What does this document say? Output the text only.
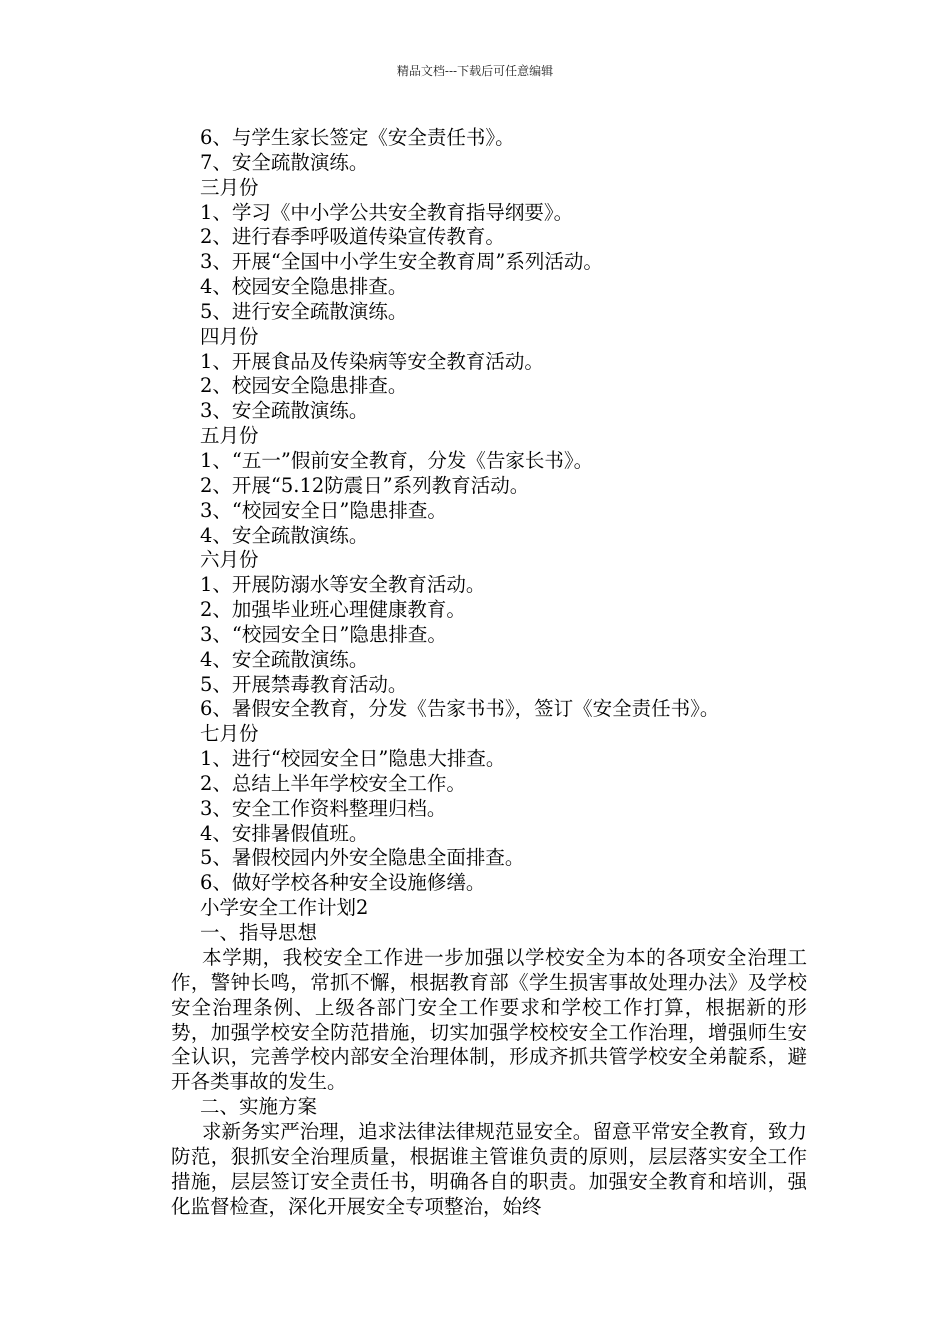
精品文档---下载后可任意编辑
6、与学生家长签定《安全责任书》。
7、安全疏散演练。
三月份
1、学习《中小学公共安全教育指导纲要》。
2、进行春季呼吸道传染宣传教育。
3、开展“全国中小学生安全教育周”系列活动。
4、校园安全隐患排查。
5、进行安全疏散演练。
四月份
1、开展食品及传染病等安全教育活动。
2、校园安全隐患排查。
3、安全疏散演练。
五月份
1、“五一”假前安全教育，分发《告家长书》。
2、开展“5.12防震日”系列教育活动。
3、“校园安全日”隐患排查。
4、安全疏散演练。
六月份
1、开展防溺水等安全教育活动。
2、加强毕业班心理健康教育。
3、“校园安全日”隐患排查。
4、安全疏散演练。
5、开展禁毒教育活动。
6、暑假安全教育，分发《告家书书》，签订《安全责任书》。
七月份
1、进行“校园安全日”隐患大排查。
2、总结上半年学校安全工作。
3、安全工作资料整理归档。
4、安排暑假值班。
5、暑假校园内外安全隐患全面排查。
6、做好学校各种安全设施修缮。
小学安全工作计划2
一、指导思想
本学期，我校安全工作进一步加强以学校安全为本的各项安全治理工作，警钟长鸣，常抓不懈，根据教育部《学生损害事故处理办法》及学校安全治理条例、上级各部门安全工作要求和学校工作打算，根据新的形势，加强学校安全防范措施，切实加强学校校安全工作治理，增强师生安全认识，完善学校内部安全治理体制，形成齐抓共管学校安全弟靛系，避开各类事故的发生。
二、实施方案
求新务实严治理，追求法律法律规范显安全。留意平常安全教育，致力防范，狠抓安全治理质量，根据谁主管谁负责的原则，层层落实安全工作措施，层层签订安全责任书，明确各自的职责。加强安全教育和培训，强化监督检查，深化开展安全专项整治，始终
